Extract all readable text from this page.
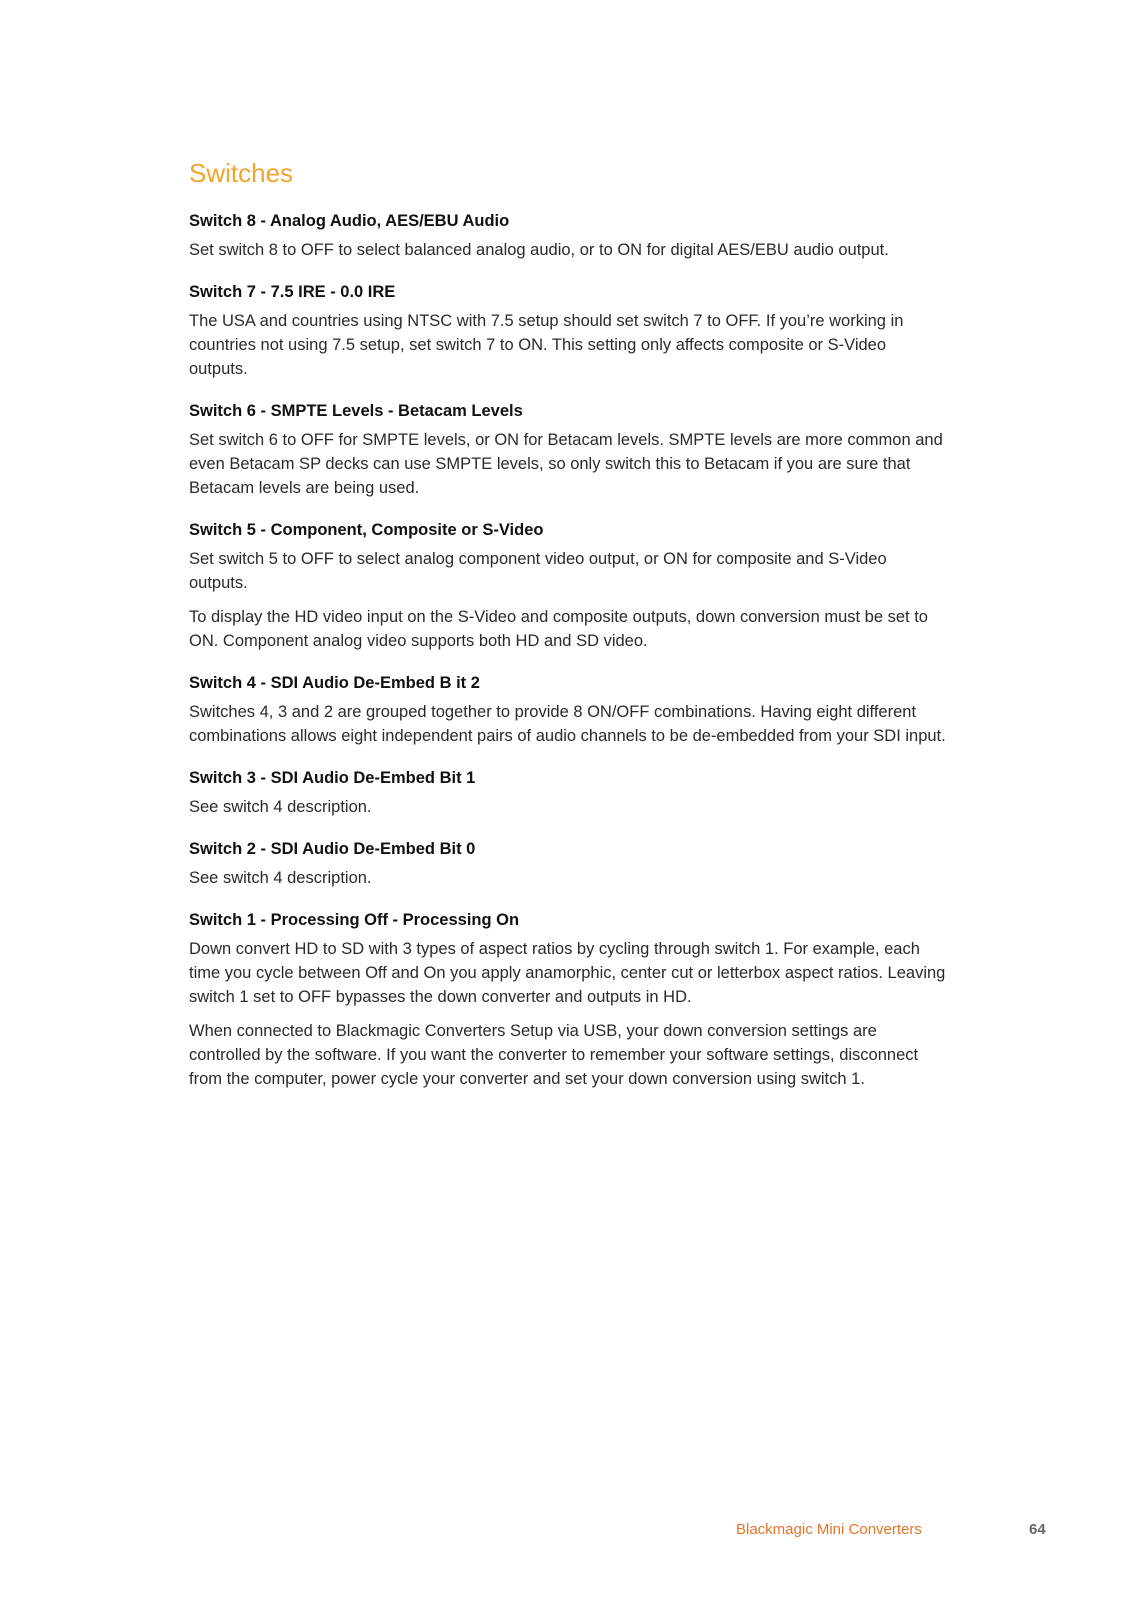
Switches
Switch 8 - Analog Audio, AES/EBU Audio

Set switch 8 to OFF to select balanced analog audio, or to ON for digital AES/EBU audio output.

Switch 7 - 7.5 IRE - 0.0 IRE

The USA and countries using NTSC with 7.5 setup should set switch 7 to OFF. If you’re working in countries not using 7.5 setup, set switch 7 to ON. This setting only affects composite or S-Video outputs.

Switch 6 - SMPTE Levels - Betacam Levels

Set switch 6 to OFF for SMPTE levels, or ON for Betacam levels. SMPTE levels are more common and even Betacam SP decks can use SMPTE levels, so only switch this to Betacam if you are sure that Betacam levels are being used.

Switch 5 - Component, Composite or S-Video

Set switch 5 to OFF to select analog component video output, or ON for composite and S-Video outputs.

To display the HD video input on the S-Video and composite outputs, down conversion must be set to ON. Component analog video supports both HD and SD video.

Switch 4 - SDI Audio De-Embed B it 2

Switches 4, 3 and 2 are grouped together to provide 8 ON/OFF combinations. Having eight different combinations allows eight independent pairs of audio channels to be de-embedded from your SDI input.

Switch 3 - SDI Audio De-Embed Bit 1

See switch 4 description.

Switch 2 - SDI Audio De-Embed Bit 0

See switch 4 description.

Switch 1 - Processing Off - Processing On

Down convert HD to SD with 3 types of aspect ratios by cycling through switch 1. For example, each time you cycle between Off and On you apply anamorphic, center cut or letterbox aspect ratios. Leaving switch 1 set to OFF bypasses the down converter and outputs in HD.

When connected to Blackmagic Converters Setup via USB, your down conversion settings are controlled by the software. If you want the converter to remember your software settings, disconnect from the computer, power cycle your converter and set your down conversion using switch 1.

Blackmagic Mini Converters	64
